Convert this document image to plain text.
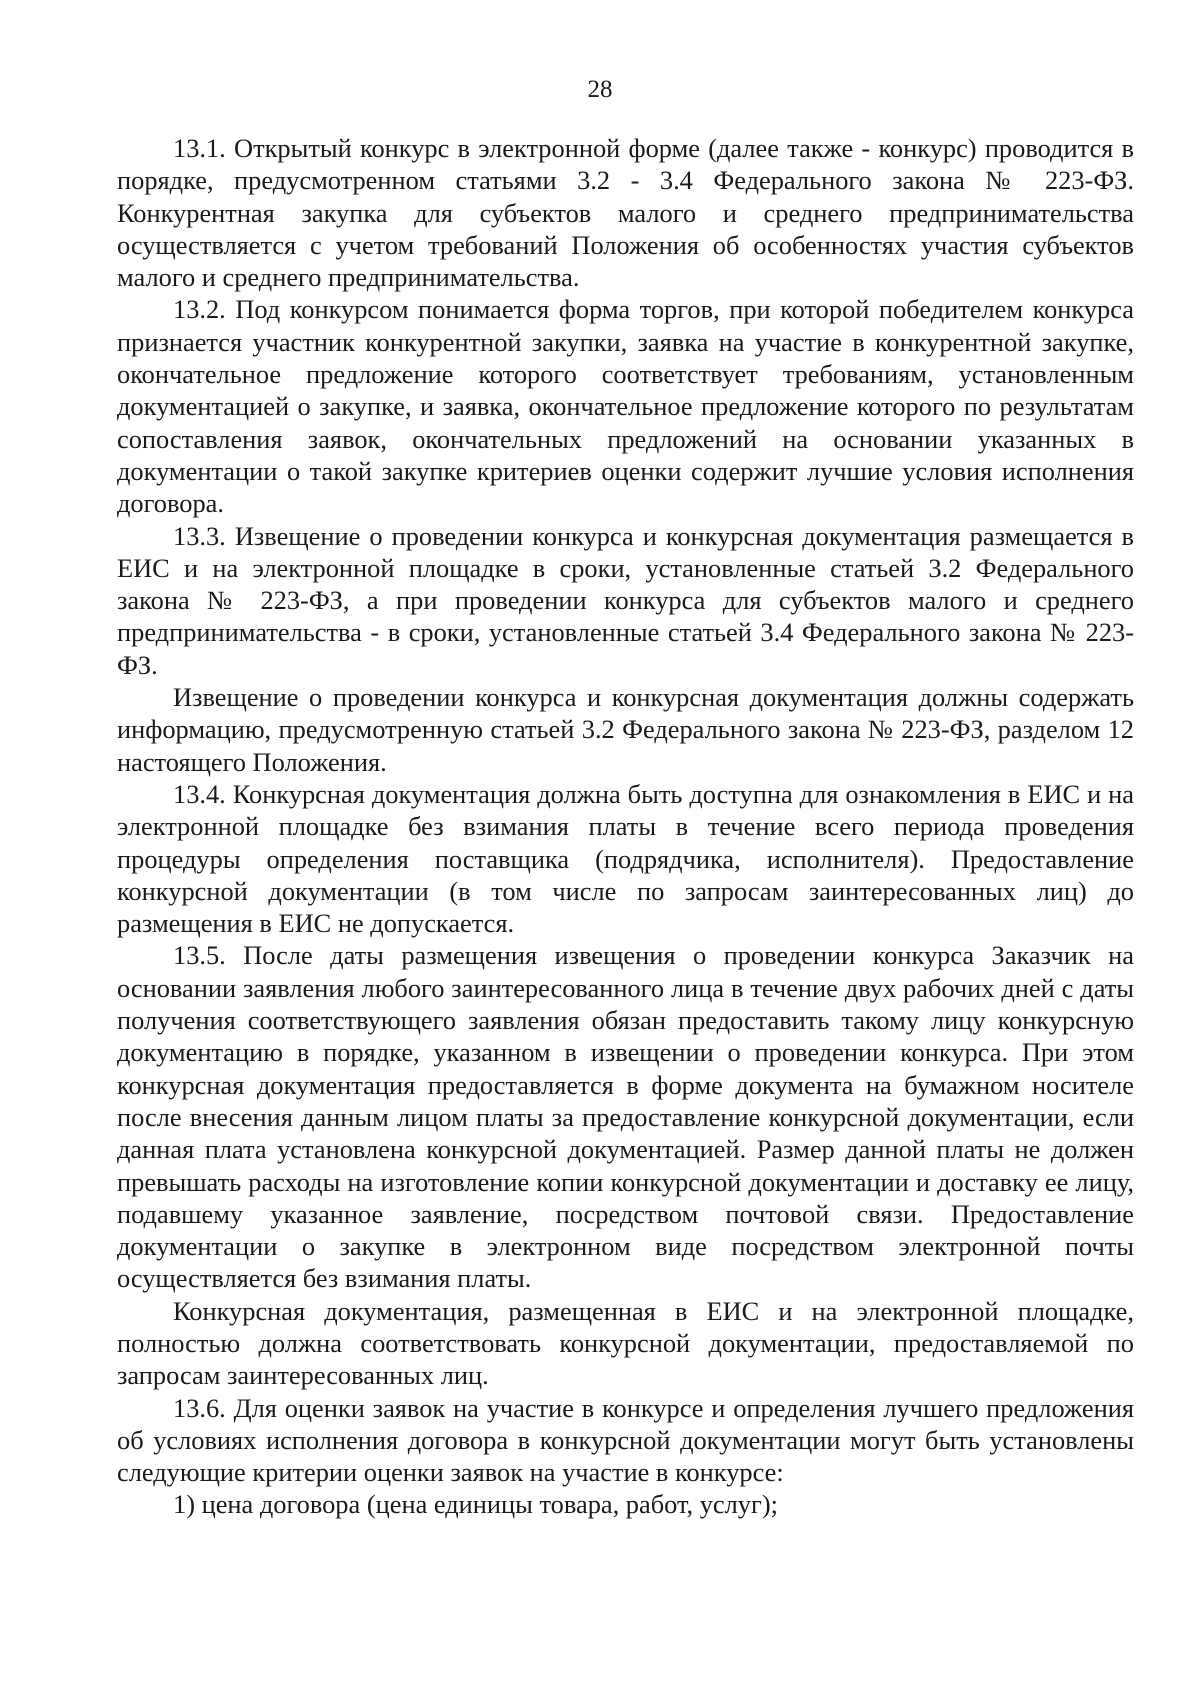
28

13.1. Открытый конкурс в электронной форме (далее также - конкурс) проводится в порядке, предусмотренном статьями 3.2 - 3.4 Федерального закона № 223-ФЗ. Конкурентная закупка для субъектов малого и среднего предпринимательства осуществляется с учетом требований Положения об особенностях участия субъектов малого и среднего предпринимательства.

13.2. Под конкурсом понимается форма торгов, при которой победителем конкурса признается участник конкурентной закупки, заявка на участие в конкурентной закупке, окончательное предложение которого соответствует требованиям, установленным документацией о закупке, и заявка, окончательное предложение которого по результатам сопоставления заявок, окончательных предложений на основании указанных в документации о такой закупке критериев оценки содержит лучшие условия исполнения договора.

13.3. Извещение о проведении конкурса и конкурсная документация размещается в ЕИС и на электронной площадке в сроки, установленные статьей 3.2 Федерального закона № 223-ФЗ, а при проведении конкурса для субъектов малого и среднего предпринимательства - в сроки, установленные статьей 3.4 Федерального закона № 223-ФЗ.

Извещение о проведении конкурса и конкурсная документация должны содержать информацию, предусмотренную статьей 3.2 Федерального закона № 223-ФЗ, разделом 12 настоящего Положения.

13.4. Конкурсная документация должна быть доступна для ознакомления в ЕИС и на электронной площадке без взимания платы в течение всего периода проведения процедуры определения поставщика (подрядчика, исполнителя). Предоставление конкурсной документации (в том числе по запросам заинтересованных лиц) до размещения в ЕИС не допускается.

13.5. После даты размещения извещения о проведении конкурса Заказчик на основании заявления любого заинтересованного лица в течение двух рабочих дней с даты получения соответствующего заявления обязан предоставить такому лицу конкурсную документацию в порядке, указанном в извещении о проведении конкурса. При этом конкурсная документация предоставляется в форме документа на бумажном носителе после внесения данным лицом платы за предоставление конкурсной документации, если данная плата установлена конкурсной документацией. Размер данной платы не должен превышать расходы на изготовление копии конкурсной документации и доставку ее лицу, подавшему указанное заявление, посредством почтовой связи. Предоставление документации о закупке в электронном виде посредством электронной почты осуществляется без взимания платы.

Конкурсная документация, размещенная в ЕИС и на электронной площадке, полностью должна соответствовать конкурсной документации, предоставляемой по запросам заинтересованных лиц.

13.6. Для оценки заявок на участие в конкурсе и определения лучшего предложения об условиях исполнения договора в конкурсной документации могут быть установлены следующие критерии оценки заявок на участие в конкурсе:

1) цена договора (цена единицы товара, работ, услуг);
